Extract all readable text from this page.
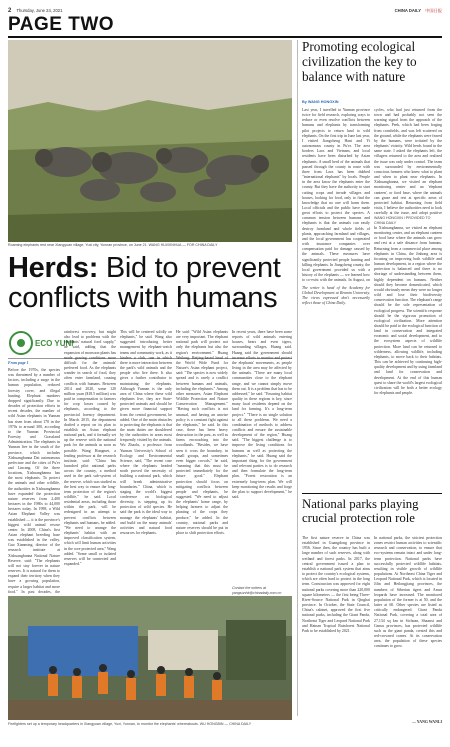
2 Thursday, June 24, 2021	CHINA DAILY 中国日报
PAGE TWO
Roaming elephants rest near Xiangyuan village, Yuxi city, Yunnan province, on June 21. WANG HUI/XINHUA — FOR CHINA DAILY
Promoting ecological civilization the key to balance with nature
By WANG HONGXIN
Last year, I travelled to Yunnan province twice for field research, exploring ways to reduce or even resolve conflicts between humans and elephants by transforming pilot projects to return land to wild elephants. On the first trip in June last year, I visited Jiangcheng Hani and Yi autonomous county in Pu'er. The area borders Laos and Vietnam, and local residents have been disturbed by Asian elephants. A small herd of the animals that passed through the county in route with three from Laos has been dubbed "international elephants" by locals. People in the area know the elephants enter the county. But they have the authority to start cutting crops and invade villages and houses, looking for food, only to find the knowledge that no one will harm them. Local officials and the public have made great efforts to protect the species. A common tension between humans and elephants is that the animals can easily destroy farmland and whole fields of plants, approaching farmland and villages, and the local government has cooperated with insurance companies over compensation paid for damage caused by the animals. These measures have significantly protected people hunting and killing elephants. In Jiangcheng county, the local government provided us with a history of the elephants — we learned how to co-exist with the animals. In August, on
cycles, who had just returned from the town and had probably not seen the warning signal from the approach of the elephants. Peek, which had been forging from cornfields, and was left scattered on the ground, while the elephants were feared by the humans, were irritated by the elephants' vicinity. Wild herds found in the same state. I asked the elephants left, the villagers returned to the area and realized the issue was only under control. The team was surrounded by environmentally conscious farmers who knew what to plant and when to plant near elephants. In Xishuangbanna, we visited an elephant monitoring center and an 'elephant canteen', or food base, where the animals can graze and rest at specific areas of protected habitat. Returning from field visits, I believe the authorities need to look carefully at the issue, and adopt positive
WANG HONGXIN / PROVIDED TO CHINA DAILY
In Xishuangbanna, we visited an elephant monitoring center, and an elephant canteen or food base where the animals can grow and rest at a safe distance from humans. Returning from a commercial place among elephants in China, the Jinhong area is focusing on improving both wildlife and human development, in a region where the protection is balanced and there is no shortage of understanding between them, highly dependent on humans. Neither should they become domesticated, which would obviously mean they were no longer wild and lose their biodiversity conservation function. The elephant's range should be the sole representation of ecological progress. The scientific response should be the vigorous promotion of ecological civilization. More attention should be paid to the ecological function of land in conservation and integrated economic and social development, and to the ecosystem aspects of wildlife protection. More land can be returned to wilderness, allowing wildlife, including elephants, to move back to their habitats. This can be achieved by continuing high-quality development and by using farmland and land for conservation and development. At the end of this human quest to share the world's largest ecological civilization will be both a better ecology for elephants and people.
The writer is head of the Academy for Global Development at Renmin University. The views expressed don't necessarily reflect those of China Daily.
Herds: Bid to prevent conflicts with humans
ECO YUN
From page 1
Before the 1970s, the species was threatened by a number of factors, including a surge in the human population, reduced forestry cover, and illegal hunting. Elephant numbers dropped significantly. Due to decades of protection efforts in recent decades, the number of wild Asian elephants in Yunnan has risen from about 170 in the 1970s to around 300, according to the Yunnan Provincial Forestry and Grassland Administration. The elephants in Yunnan live in the south of the province, which includes Xishuangbanna Dai autonomous prefecture and the cities of Pu'er and Lincang. Of the three locations, Xishuangbanna has the most elephants. To protect the animals and other wildlife, the authorities in Xishuangbanna have expanded the protection nature reserves from 2,400 hectares in the 1980s to 44,000 hectares today. In 1998, a Wild Asian Elephant Valley was established — it is the province's biggest wild animal rescue center. In 2008, China's first Asian elephant breeding base was established in the valley. Guo Xianming, director of the research institute at Xishuangbanna National Nature Reserve, said: "The elephants will not stay forever in nature reserves. It is natural for them to expand their territory when they have a growing population, require a larger habitat and more food." In past decades, the
rainforest recovery, but might also lead to problems with the elephants' natural food supply," he said, adding that the expansion of monsoon plants has made grazing conditions more difficult for the animals' preferred food. As the elephants wander in search of food, they often enter farmland, causing conflicts with humans. Between 2014 and 2020, some 120 million yuan ($18.5 million) was paid in compensation to farmers for crop losses caused by elephants, according to the provincial forestry department. In March 2015, the department drafted a report on its plan to establish an Asian elephant national park, and it formally set up the reserve with the national park for the animals as soon as possible. Wang Hongmei, a leading professor at the research institute, said: "China has launched pilot national parks across the country, a method used in the park sub-system of the reserve, which was studied as the best way to ensure the long-term protection of the region's wildlife," he said. Local residential areas, including those within the park, will be redesigned in an attempt to prevent conflicts between elephants and humans, he added. "We need to arrange the elephants' habitat with an improved classification system, which will limit human activities in the core protected area," Wang added. "Some small or isolated reserves will be connected and expanded."
This will be centered solidly on elephants," he said. Wang also suggested introducing better management by elephant-watch teams and community work, as it hinders a club, one in which there is more interaction between the park's wild animals and the people who live there. It also gives a further contributor to maintaining the elephants. Although Yunnan is the only area of China where these wild elephants live, they are State-protected animals and should be given more financial support from the central government, he added. One of the main obstacles to protecting the elephants is that the main duties are shouldered by the authorities in areas most frequently visited by the animals. Wu Zhaolu, a professor from Yunnan University's School of Ecology and Environmental Science, said, "The recent case where the elephants headed north proved the necessity of building a national park, which will break administrative boundaries." China, which is staging the world's biggest conference on biological diversity, is stepping up its protection of wild species. He said the park is the ideal way to manage the elephants' habitat, and build on the many animals' activities and natural food resources for elephants.
He said: "Wild Asian elephants are very important. The elephant national park will protect not only the elephants but also the region's environment." Huang Weilong, Beijing-based head of the World Wide Fund for Nature's Asian elephant project, said: "The species is now widely spread and is rarely a conflict between humans and animals, including the elephants." Among other measures, Asian Elephant Wildlife Protection and Nature Conservation Management." "Having such conflicts is not unusual, and having an unwise policy is a constant fight against the elephants," he said. In this case, there has been heavy destruction in the past, as well as farms encroaching into the woodlands. "Besides, we have seen it cross the boundary, in small groups, and sometimes even bigger crowds," he said, "meaning that this must be protected immediately for the future good." Elephant protection should focus on mitigating conflicts between people and elephants, he suggested. "We need to adjust the elephants' home range, by helping farmers to adjust the planting of the crops they produce," he added. In the country, national parks and nature reserves should be put in place to shift protection efforts.
In recent years, there have been some reports of wild animals entering houses, bears and even tigers, surrounding villages, Huang said. Huang said the government should increase efforts to monitor and protect the elephants' movements, as people living in the area may be affected by the animals. "There are many local communities close to the elephant range, and we cannot simply move them out. It is a problem that has to be addressed," he said. "Ensuring habitat quality in these regions is key, since many local residents depend on the land for farming. It's a long-term project." "There is no single solution to all these problems. We need a combination of methods to address conflicts and ensure the sustainable development of the region," Huang said. "The biggest challenge is to improve the living conditions for humans as well as protecting the elephants," he said. Huang said the important thing for the government and relevant parties is to do research and then formulate the long-term plan. "Forest restoration is an extremely long-term plan. We will keep monitoring the results and forge the plan to support development," he said.
Contact the writers at yangsunhk@chinadaily.com.cn
Firefighters set up a temporary headquarters in Xiangyuan village, Yuxi, Yunnan, to monitor the elephants' whereabouts. WU HONGBIN — CHINA DAILY
National parks playing crucial protection role
The first nature reserve in China was established in Guangdong province in 1956. Since then, the country has built a large number of such reserves, along with wetland and forest parks. In 2017, the central government issued a plan to establish a national park system that aims to protect the country's ecological systems, which are often hard to protect in the long term. Construction was approved for eight national parks covering more than 220,000 square kilometers — the first being Three-River-Source National Park in Qinghai province. In October, the State Council, China's cabinet, approved the first five national parks, including the Giant Panda, Northeast Tiger and Leopard National Park and Hainan Tropical Rainforest National Park to be established by 2021.
In national parks, the strictest protection zones restrict human activities to scientific research and conservation, to ensure that eco-systems remain intact and under long-term protection. National parks have successfully protected wildlife habitats, resulting in visible growth of wildlife populations. At Northeast China Tiger and Leopard National Park, which is located in Jilin and Heilongjiang provinces, the numbers of Siberian tigers and Amur leopards have increased. The monitored population of the former is at 50, and the latter at 60. Other species are listed as critically endangered. Giant Panda National Park, covering a total area of 27,134 sq km in Sichuan, Shaanxi and Gansu provinces, has protected wildlife such as the giant panda, crested ibis and red-crowned cranes. At its conservation area, the population of these species continues to grow.
— YANG WANLI
